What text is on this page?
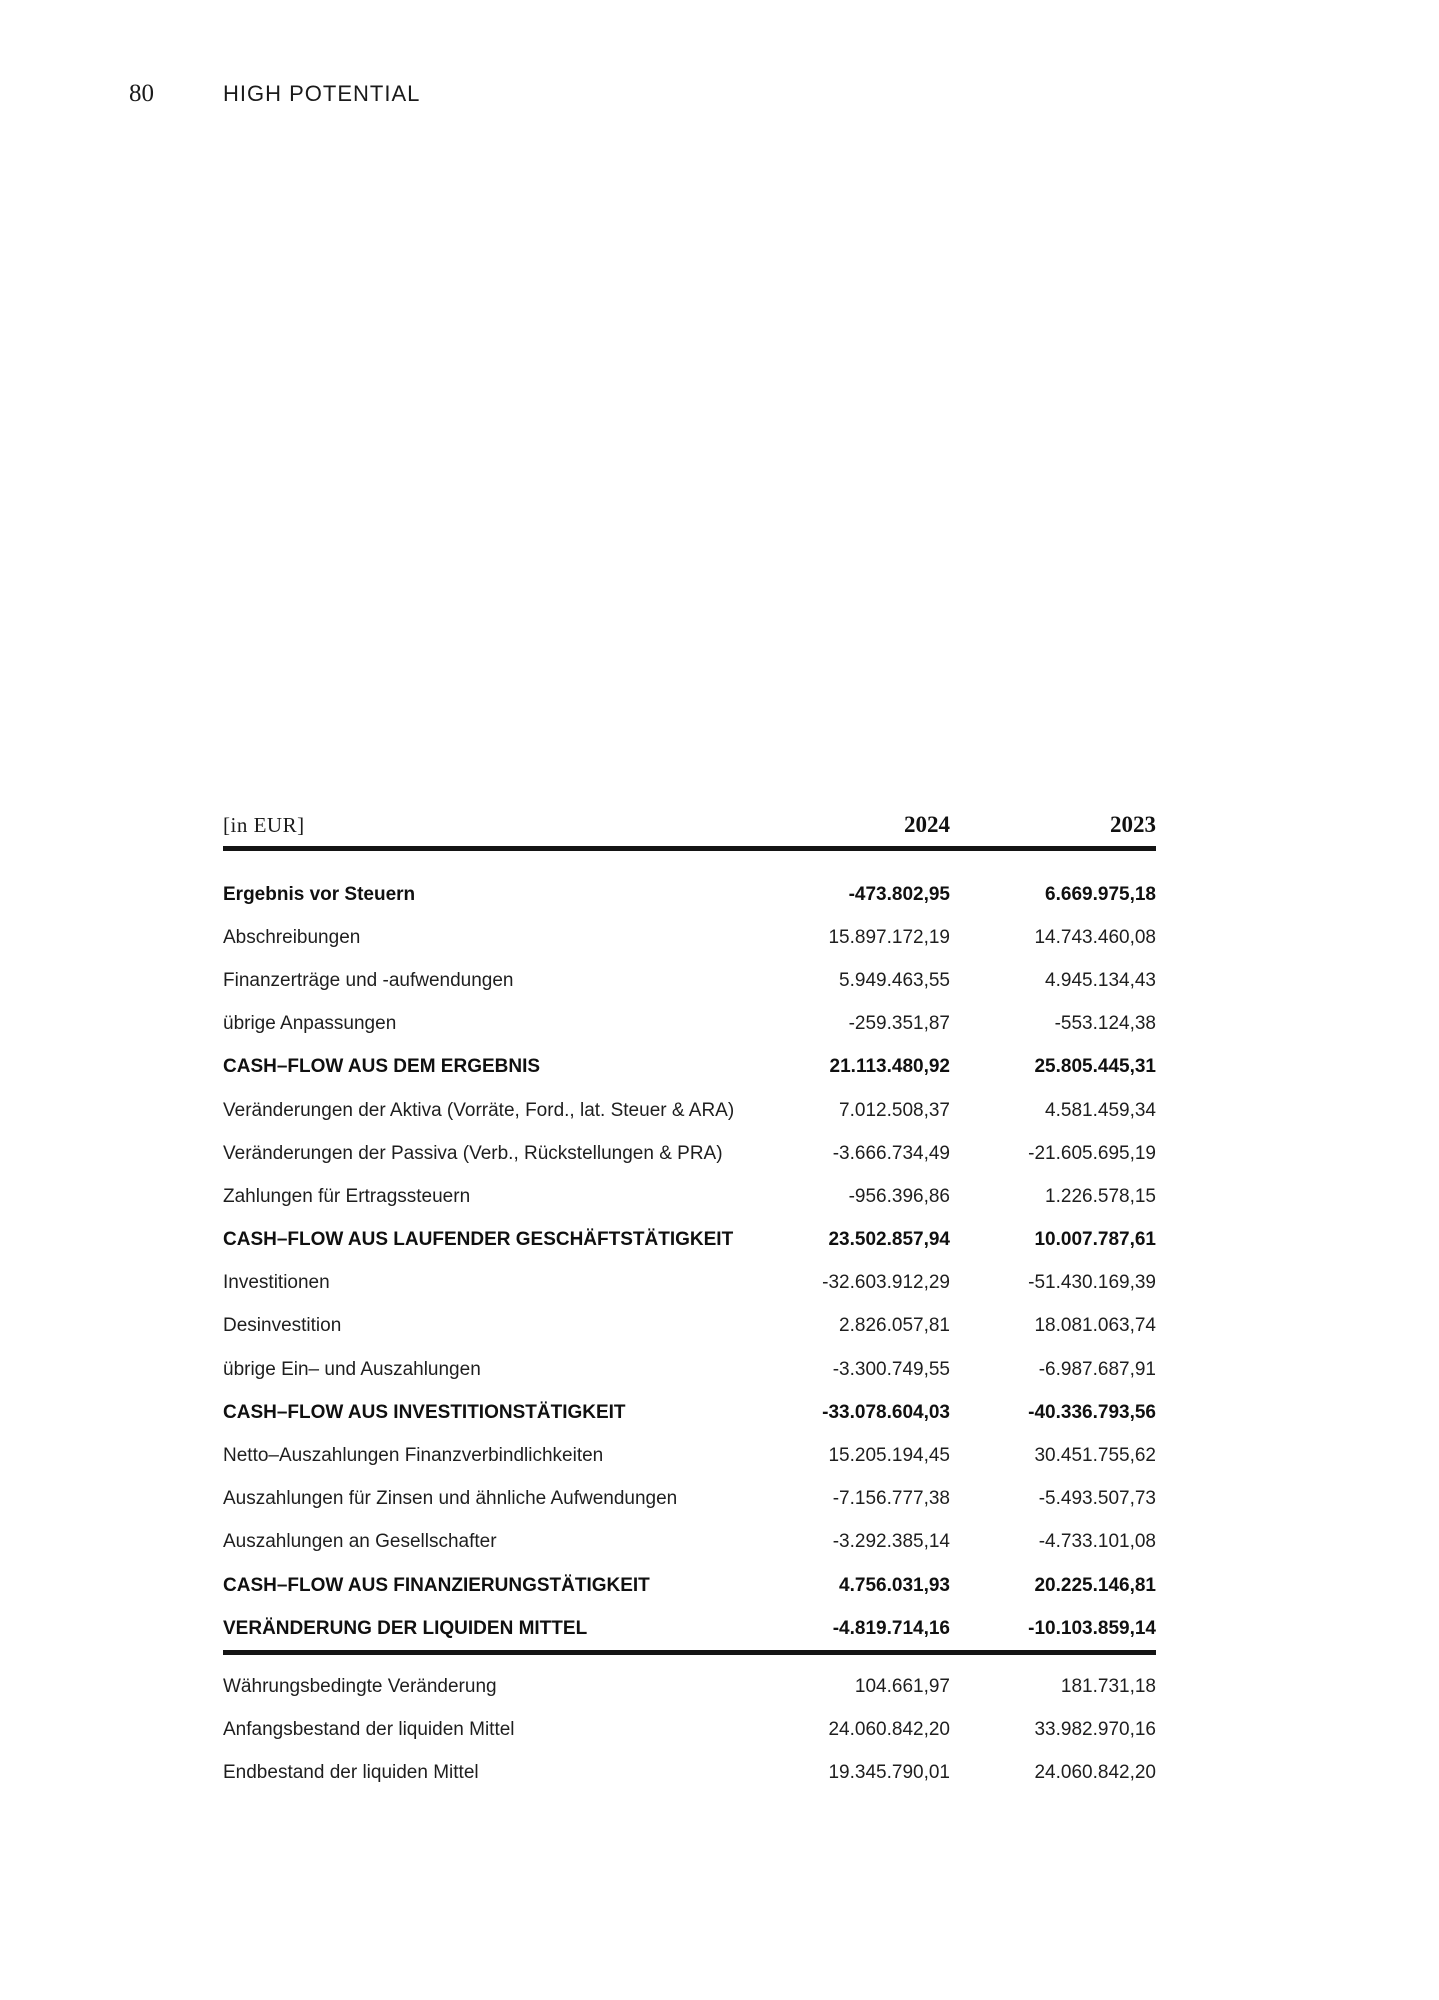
80	HIGH POTENTIAL
[in EUR]	2024	2023
Ergebnis vor Steuern	-473.802,95	6.669.975,18
Abschreibungen	15.897.172,19	14.743.460,08
Finanzerträge und -aufwendungen	5.949.463,55	4.945.134,43
übrige Anpassungen	-259.351,87	-553.124,38
CASH–FLOW AUS DEM ERGEBNIS	21.113.480,92	25.805.445,31
Veränderungen der Aktiva (Vorräte, Ford., lat. Steuer & ARA)	7.012.508,37	4.581.459,34
Veränderungen der Passiva (Verb., Rückstellungen & PRA)	-3.666.734,49	-21.605.695,19
Zahlungen für Ertragssteuern	-956.396,86	1.226.578,15
CASH–FLOW AUS LAUFENDER GESCHÄFTSTÄTIGKEIT	23.502.857,94	10.007.787,61
Investitionen	-32.603.912,29	-51.430.169,39
Desinvestition	2.826.057,81	18.081.063,74
übrige Ein– und Auszahlungen	-3.300.749,55	-6.987.687,91
CASH–FLOW AUS INVESTITIONSTÄTIGKEIT	-33.078.604,03	-40.336.793,56
Netto–Auszahlungen Finanzverbindlichkeiten	15.205.194,45	30.451.755,62
Auszahlungen für Zinsen und ähnliche Aufwendungen	-7.156.777,38	-5.493.507,73
Auszahlungen an Gesellschafter	-3.292.385,14	-4.733.101,08
CASH–FLOW AUS FINANZIERUNGSTÄTIGKEIT	4.756.031,93	20.225.146,81
VERÄNDERUNG DER LIQUIDEN MITTEL	-4.819.714,16	-10.103.859,14
Währungsbedingte Veränderung	104.661,97	181.731,18
Anfangsbestand der liquiden Mittel	24.060.842,20	33.982.970,16
Endbestand der liquiden Mittel	19.345.790,01	24.060.842,20
